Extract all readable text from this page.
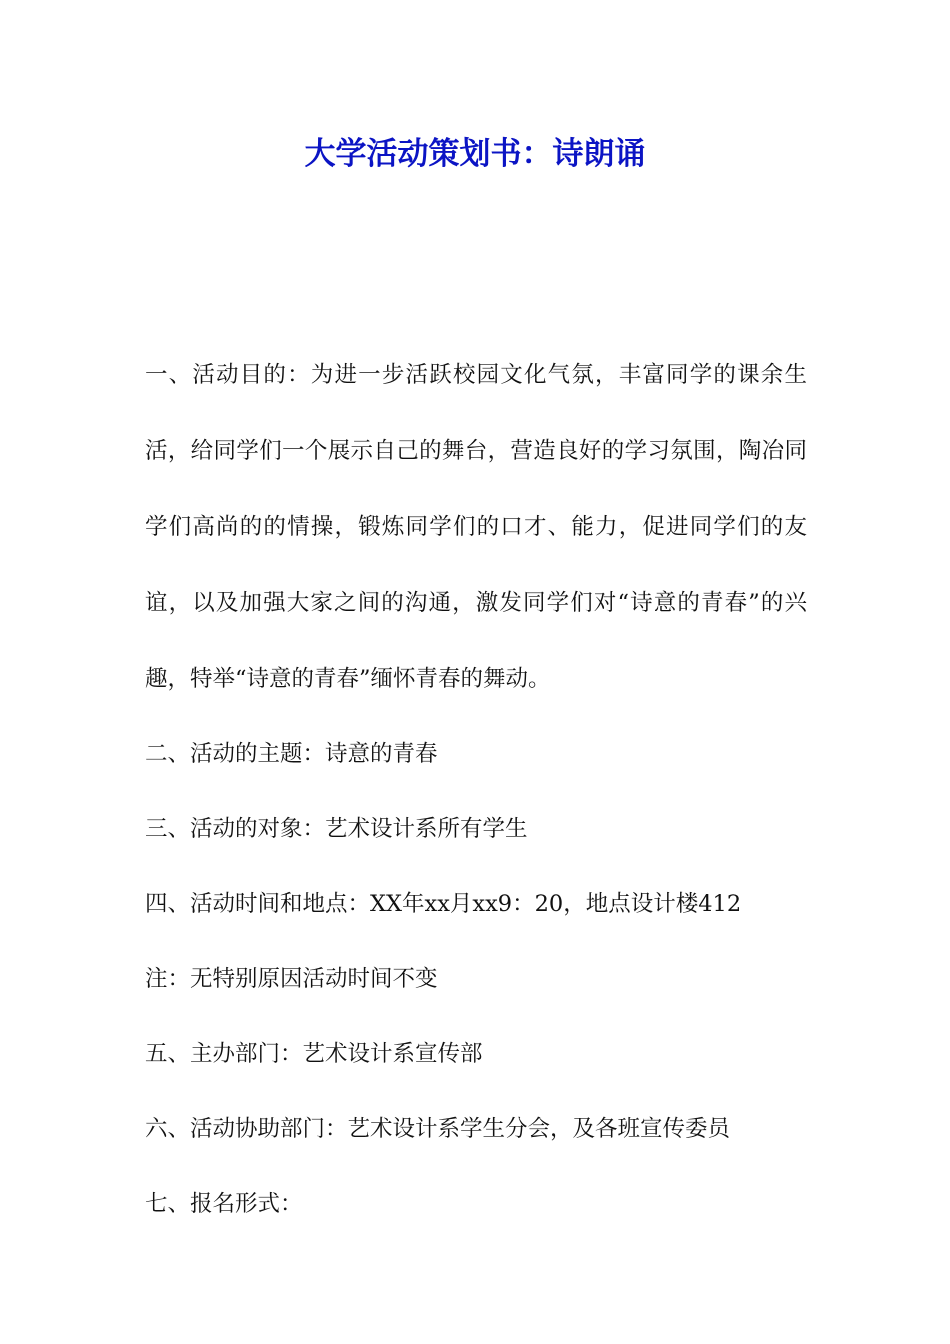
大学活动策划书：诗朗诵

一、活动目的：为进一步活跃校园文化气氛，丰富同学的课余生活，给同学们一个展示自己的舞台，营造良好的学习氛围，陶冶同学们高尚的的情操，锻炼同学们的口才、能力，促进同学们的友谊，以及加强大家之间的沟通，激发同学们对“诗意的青春”的兴趣，特举“诗意的青春”缅怀青春的舞动。

二、活动的主题：诗意的青春

三、活动的对象：艺术设计系所有学生

四、活动时间和地点：XX年xx月xx9：20，地点设计楼412

注：无特别原因活动时间不变

五、主办部门：艺术设计系宣传部

六、活动协助部门：艺术设计系学生分会，及各班宣传委员

七、报名形式：
